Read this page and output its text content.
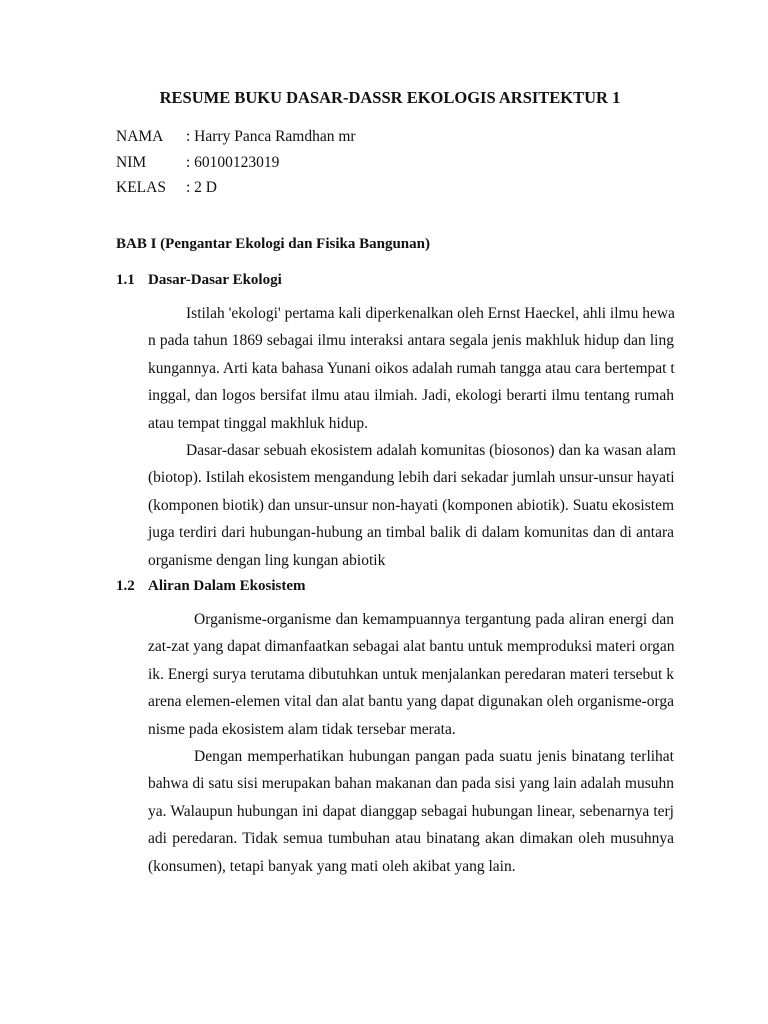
RESUME BUKU DASAR-DASSR EKOLOGIS ARSITEKTUR 1
NAMA	: Harry Panca Ramdhan mr
NIM	: 60100123019
KELAS	: 2 D
BAB I (Pengantar Ekologi dan Fisika Bangunan)
1.1 Dasar-Dasar Ekologi
Istilah 'ekologi' pertama kali diperkenalkan oleh Ernst Haeckel, ahli ilmu hewa
n pada tahun 1869 sebagai ilmu interaksi antara segala jenis makhluk hidup dan ling
kungannya. Arti kata bahasa Yunani oikos adalah rumah tangga atau cara bertempat t
inggal, dan logos bersifat ilmu atau ilmiah. Jadi, ekologi berarti ilmu tentang rumah
atau tempat tinggal makhluk hidup.
Dasar-dasar sebuah ekosistem adalah komunitas (biosonos) dan ka wasan alam
(biotop). Istilah ekosistem mengandung lebih dari sekadar jumlah unsur-unsur hayati
(komponen biotik) dan unsur-unsur non-hayati (komponen abiotik). Suatu ekosistem
juga terdiri dari hubungan-hubung an timbal balik di dalam komunitas dan di antara
organisme dengan ling kungan abiotik
1.2 Aliran Dalam Ekosistem
Organisme-organisme dan kemampuannya tergantung pada aliran energi dan
zat-zat yang dapat dimanfaatkan sebagai alat bantu untuk memproduksi materi organ
ik. Energi surya terutama dibutuhkan untuk menjalankan peredaran materi tersebut k
arena elemen-elemen vital dan alat bantu yang dapat digunakan oleh organisme-orga
nisme pada ekosistem alam tidak tersebar merata.
Dengan memperhatikan hubungan pangan pada suatu jenis binatang terlihat
bahwa di satu sisi merupakan bahan makanan dan pada sisi yang lain adalah musuhn
ya. Walaupun hubungan ini dapat dianggap sebagai hubungan linear, sebenarnya terj
adi peredaran. Tidak semua tumbuhan atau binatang akan dimakan oleh musuhnya
(konsumen), tetapi banyak yang mati oleh akibat yang lain.
